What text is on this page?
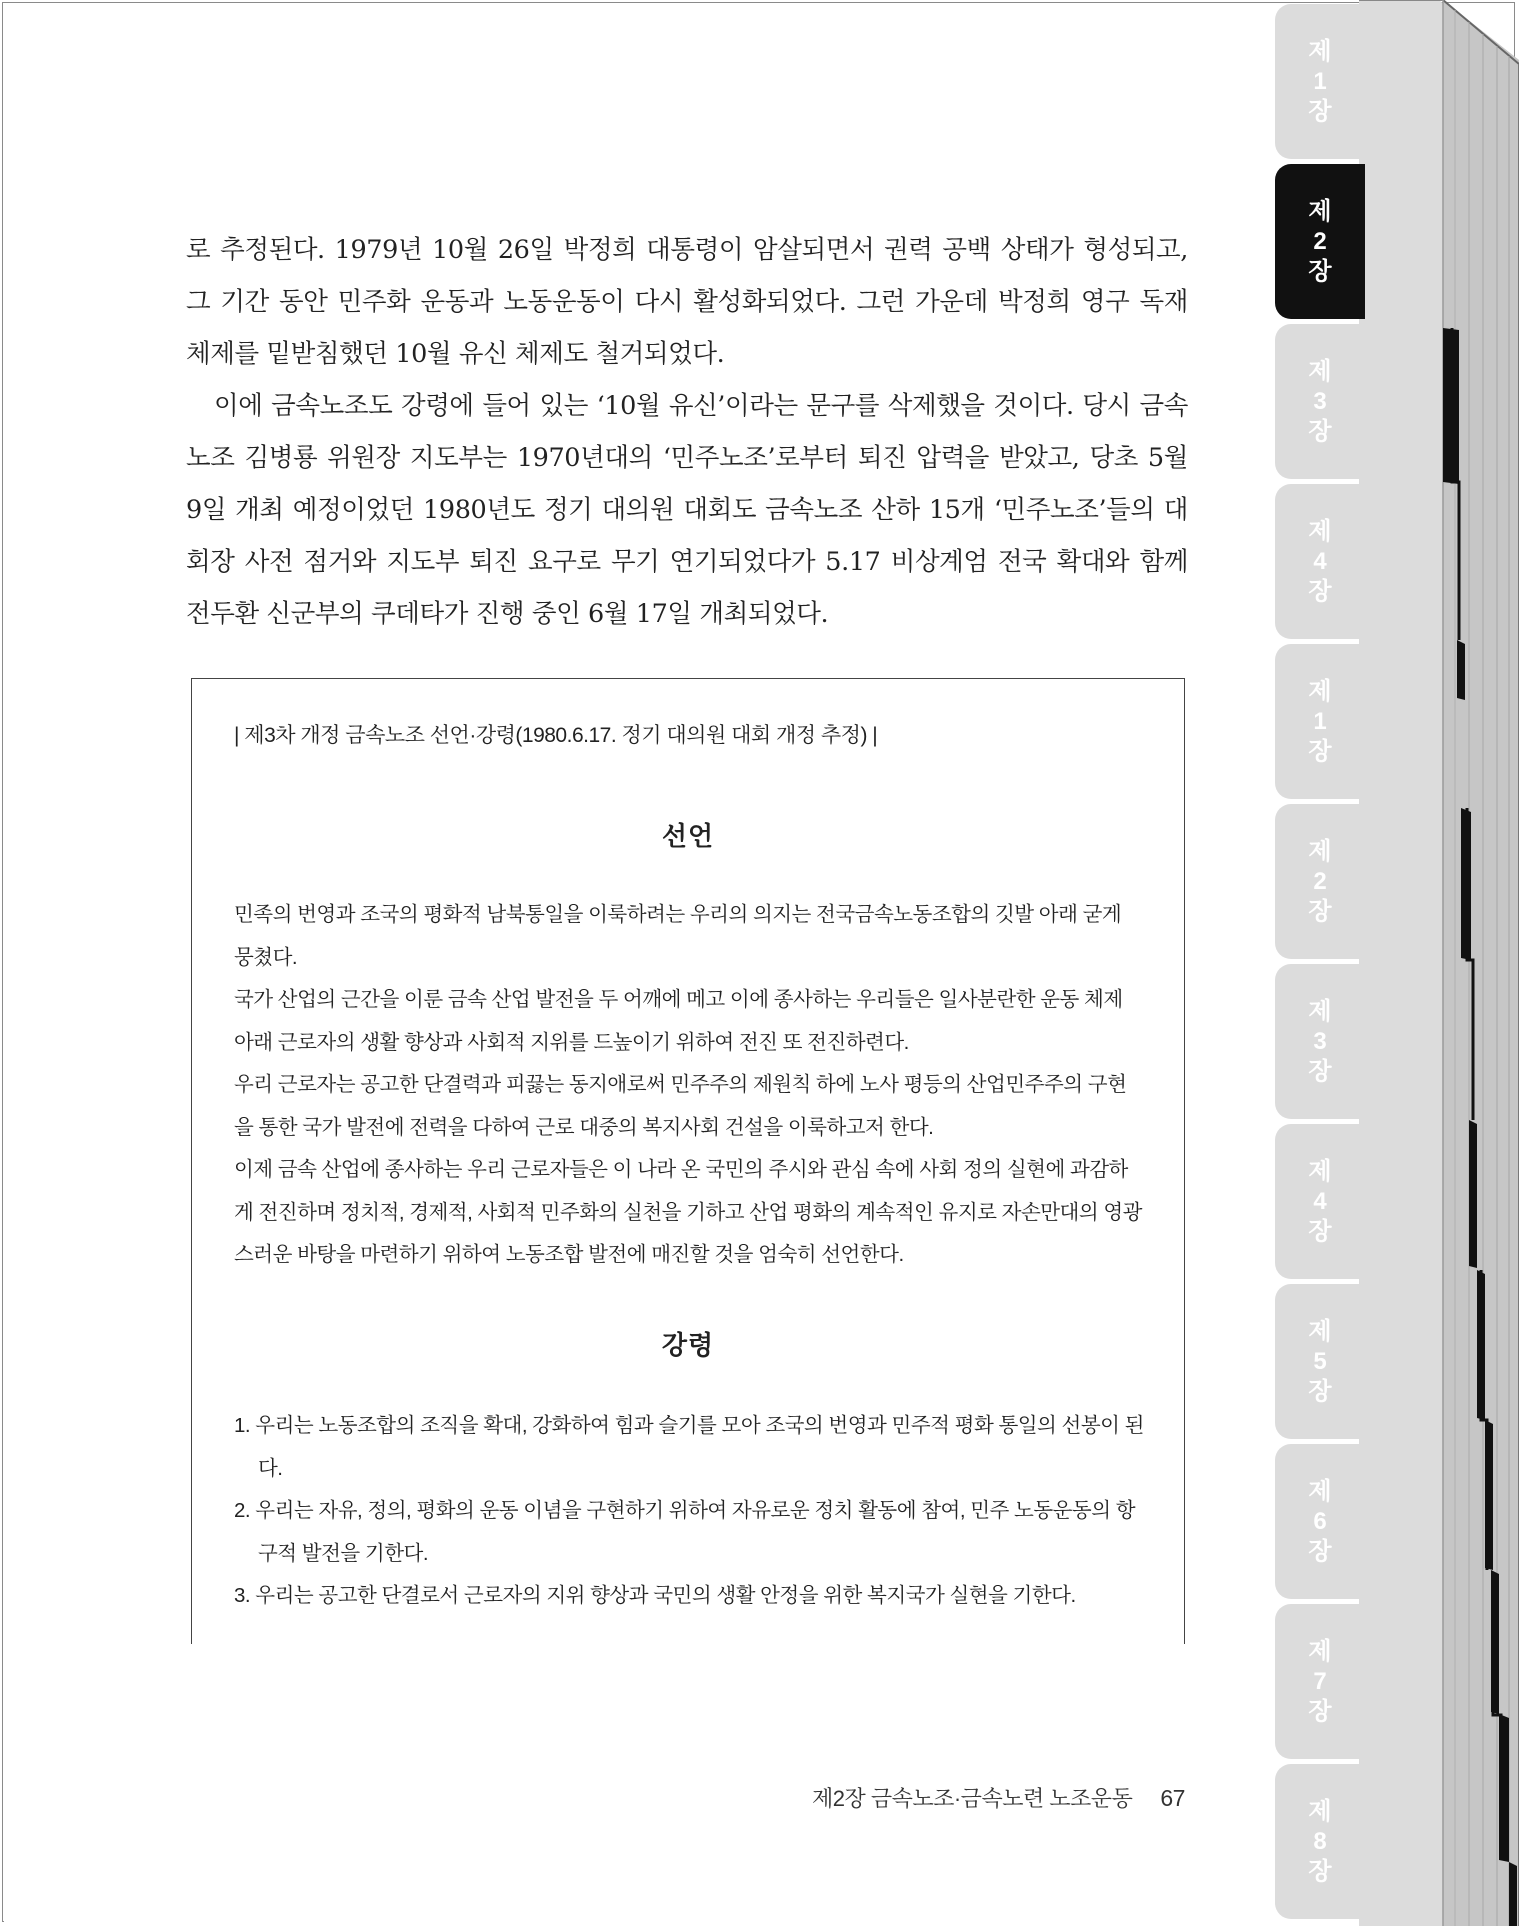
로 추정된다. 1979년 10월 26일 박정희 대통령이 암살되면서 권력 공백 상태가 형성되고, 그 기간 동안 민주화 운동과 노동운동이 다시 활성화되었다. 그런 가운데 박정희 영구 독재 체제를 밑받침했던 10월 유신 체제도 철거되었다.

이에 금속노조도 강령에 들어 있는 ‘10월 유신’이라는 문구를 삭제했을 것이다. 당시 금속노조 김병룡 위원장 지도부는 1970년대의 ‘민주노조’로부터 퇴진 압력을 받았고, 당초 5월 9일 개최 예정이었던 1980년도 정기 대의원 대회도 금속노조 산하 15개 ‘민주노조’들의 대회장 사전 점거와 지도부 퇴진 요구로 무기 연기되었다가 5.17 비상계엄 전국 확대와 함께 전두환 신군부의 쿠데타가 진행 중인 6월 17일 개최되었다.

| 제3차 개정 금속노조 선언·강령(1980.6.17. 정기 대의원 대회 개정 추정) |
선언

민족의 번영과 조국의 평화적 남북통일을 이룩하려는 우리의 의지는 전국금속노동조합의 깃발 아래 굳게 뭉쳤다.

국가 산업의 근간을 이룬 금속 산업 발전을 두 어깨에 메고 이에 종사하는 우리들은 일사분란한 운동 체제 아래 근로자의 생활 향상과 사회적 지위를 드높이기 위하여 전진 또 전진하련다.

우리 근로자는 공고한 단결력과 피끓는 동지애로써 민주주의 제원칙 하에 노사 평등의 산업민주주의 구현을 통한 국가 발전에 전력을 다하여 근로 대중의 복지사회 건설을 이룩하고저 한다.

이제 금속 산업에 종사하는 우리 근로자들은 이 나라 온 국민의 주시와 관심 속에 사회 정의 실현에 과감하게 전진하며 정치적, 경제적, 사회적 민주화의 실천을 기하고 산업 평화의 계속적인 유지로 자손만대의 영광스러운 바탕을 마련하기 위하여 노동조합 발전에 매진할 것을 엄숙히 선언한다.

강령
1. 우리는 노동조합의 조직을 확대, 강화하여 힘과 슬기를 모아 조국의 번영과 민주적 평화 통일의 선봉이 된다.
2. 우리는 자유, 정의, 평화의 운동 이념을 구현하기 위하여 자유로운 정치 활동에 참여, 민주 노동운동의 항구적 발전을 기한다.
3. 우리는 공고한 단결로서 근로자의 지위 향상과 국민의 생활 안정을 위한 복지국가 실현을 기한다.
제2장 금속노조·금속노련 노조운동 67
제
1
장
제
2
장
제
3
장
제
4
장
제
1
장
제
2
장
제
3
장
제
4
장
제
5
장
제
6
장
제
7
장
제
8
장
